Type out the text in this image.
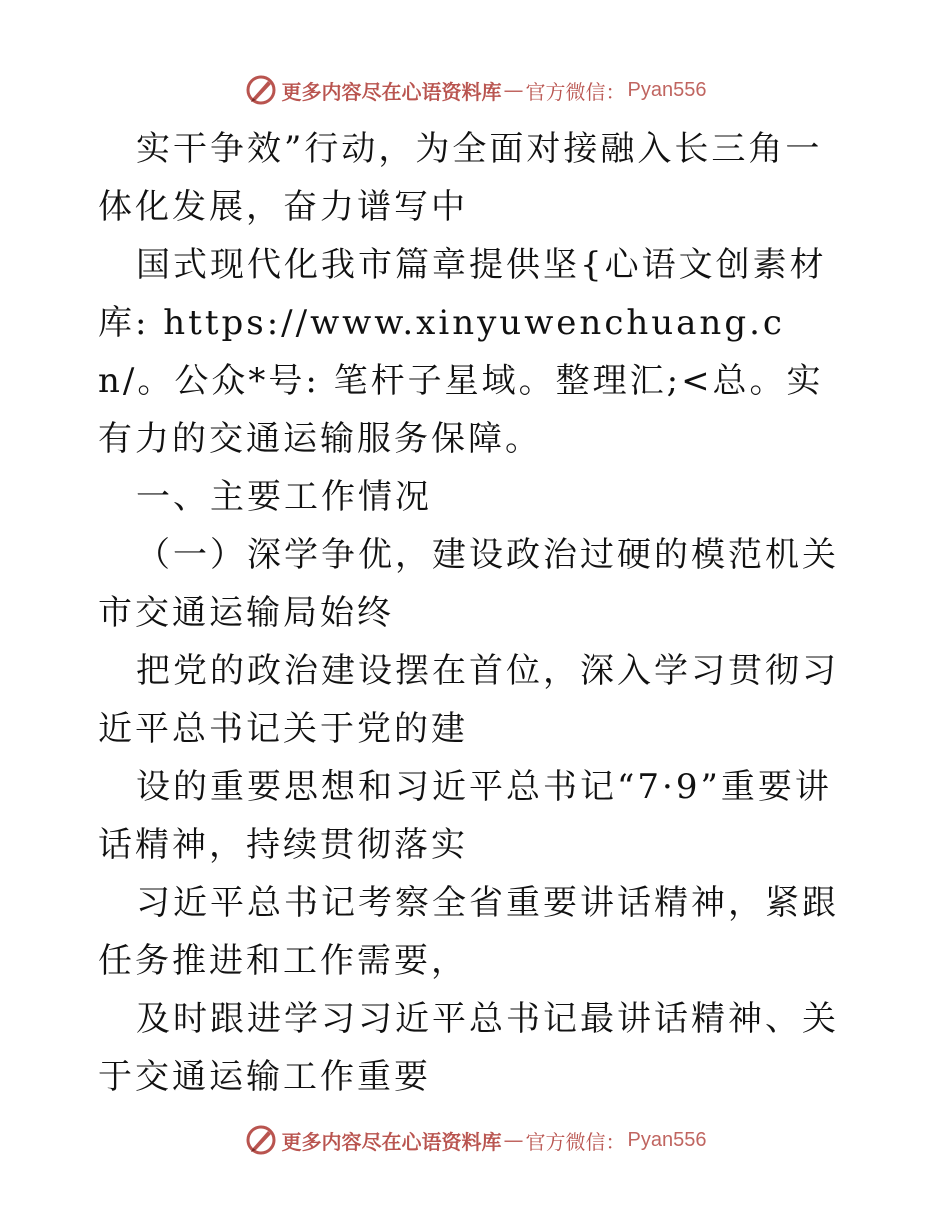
更多内容尽在心语资料库 — 官方微信： Pyan556

实干争效”行动，为全面对接融入长三角一体化发展，奋力谱写中

国式现代化我市篇章提供坚{心语文创素材库: https://www.xinyuwenchuang.cn/。公众*号: 笔杆子星域。整理汇;<总。实有力的交通运输服务保障。

一、主要工作情况

（一）深学争优，建设政治过硬的模范机关市交通运输局始终

把党的政治建设摆在首位，深入学习贯彻习近平总书记关于党的建

设的重要思想和习近平总书记“7·9”重要讲话精神，持续贯彻落实

习近平总书记考察全省重要讲话精神，紧跟任务推进和工作需要，

及时跟进学习习近平总书记最讲话精神、关于交通运输工作重要

更多内容尽在心语资料库 — 官方微信： Pyan556
